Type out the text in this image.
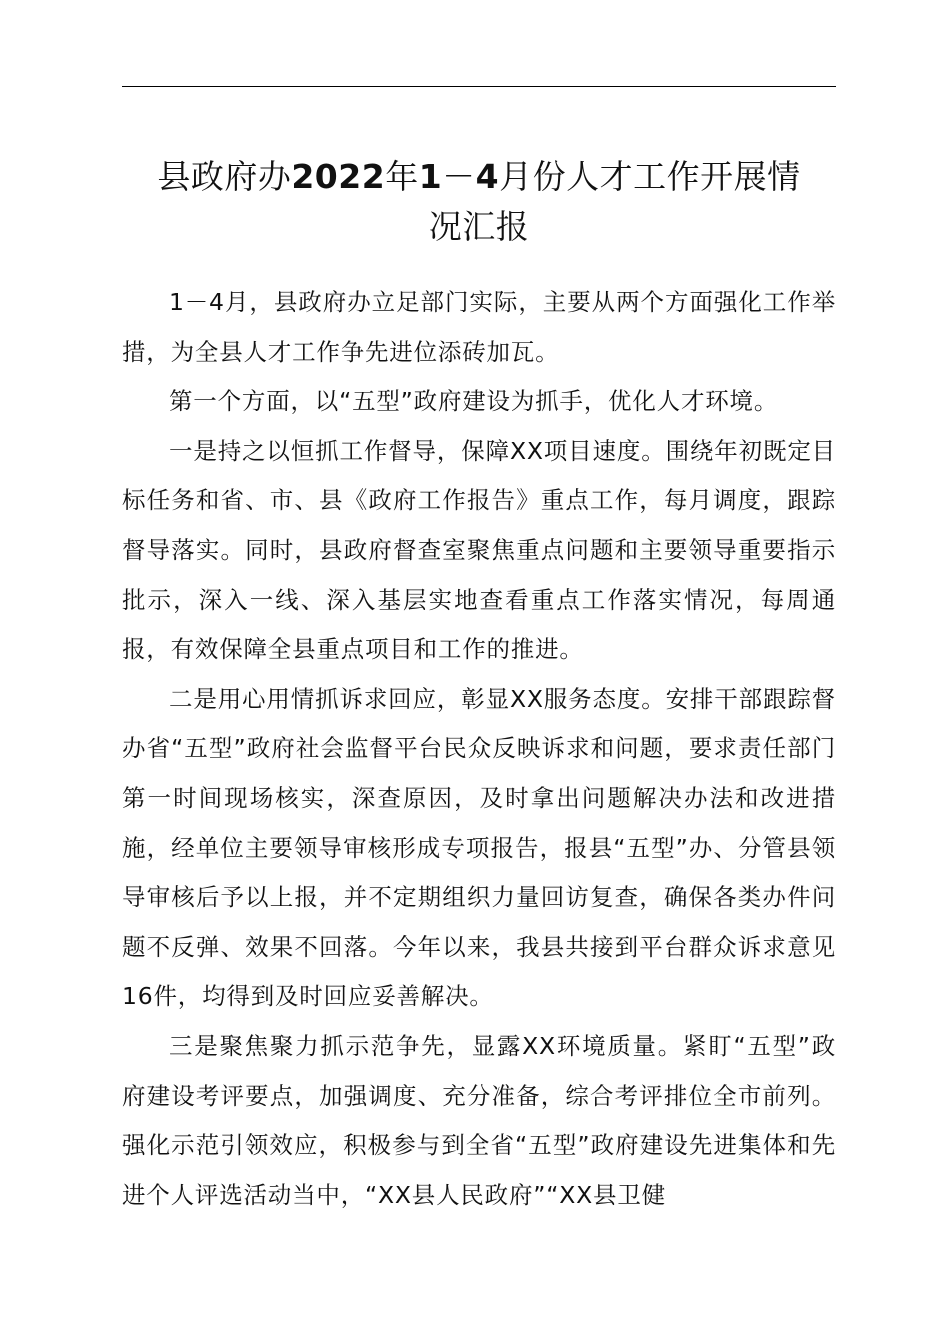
县政府办2022年1－4月份人才工作开展情
况汇报

1－4月，县政府办立足部门实际，主要从两个方面强化工作举措，为全县人才工作争先进位添砖加瓦。

第一个方面，以“五型”政府建设为抓手，优化人才环境。

一是持之以恒抓工作督导，保障XX项目速度。围绕年初既定目标任务和省、市、县《政府工作报告》重点工作，每月调度，跟踪督导落实。同时，县政府督查室聚焦重点问题和主要领导重要指示批示，深入一线、深入基层实地查看重点工作落实情况，每周通报，有效保障全县重点项目和工作的推进。

二是用心用情抓诉求回应，彰显XX服务态度。安排干部跟踪督办省“五型”政府社会监督平台民众反映诉求和问题，要求责任部门第一时间现场核实，深查原因，及时拿出问题解决办法和改进措施，经单位主要领导审核形成专项报告，报县“五型”办、分管县领导审核后予以上报，并不定期组织力量回访复查，确保各类办件问题不反弹、效果不回落。今年以来，我县共接到平台群众诉求意见16件，均得到及时回应妥善解决。

三是聚焦聚力抓示范争先，显露XX环境质量。紧盯“五型”政府建设考评要点，加强调度、充分准备，综合考评排位全市前列。强化示范引领效应，积极参与到全省“五型”政府建设先进集体和先进个人评选活动当中，“XX县人民政府”“XX县卫健
